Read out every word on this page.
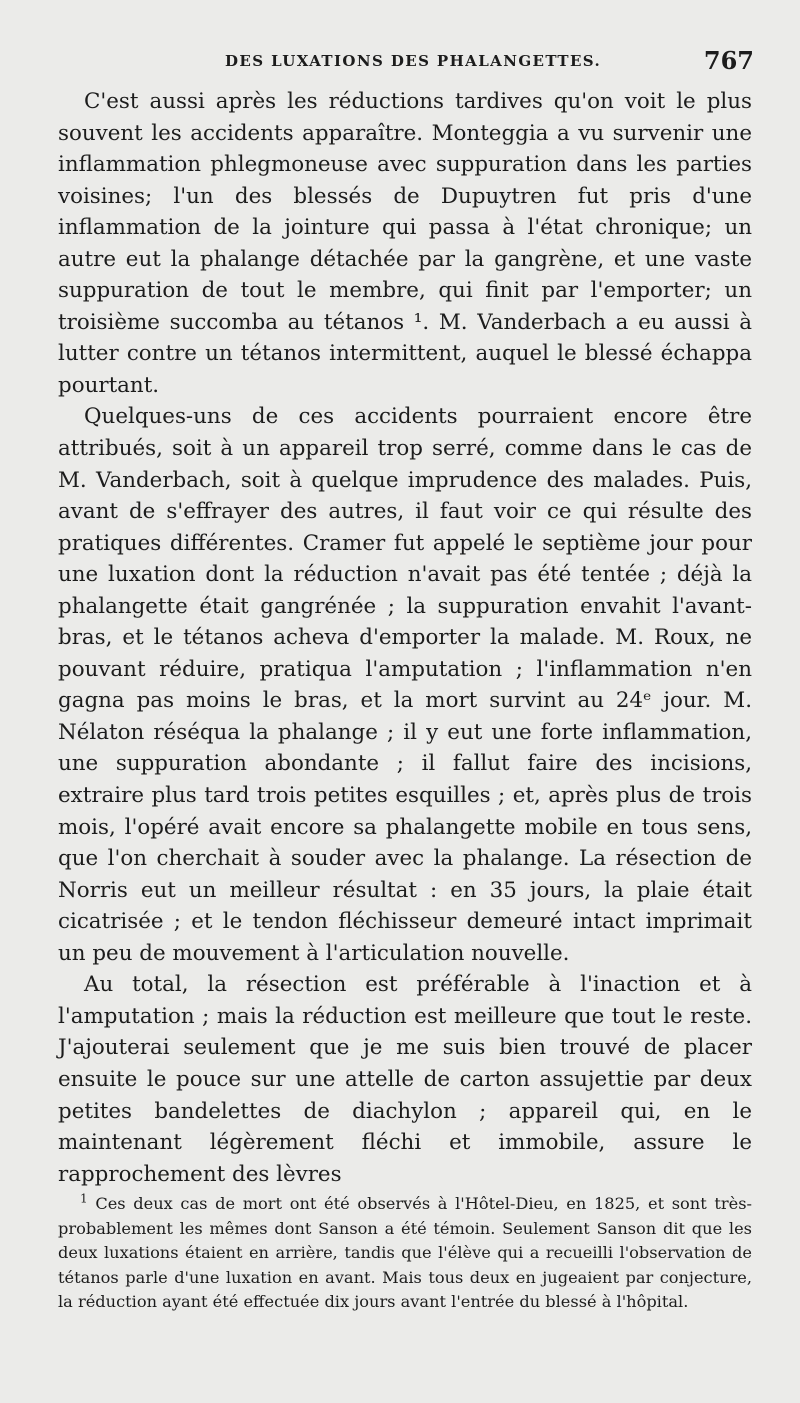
DES LUXATIONS DES PHALANGETTES.	767

C'est aussi après les réductions tardives qu'on voit le plus souvent les accidents apparaître. Monteggia a vu survenir une inflammation phlegmoneuse avec suppuration dans les parties voisines; l'un des blessés de Dupuytren fut pris d'une inflammation de la jointure qui passa à l'état chronique; un autre eut la phalange détachée par la gangrène, et une vaste suppuration de tout le membre, qui finit par l'emporter; un troisième succomba au tétanos ¹. M. Vanderbach a eu aussi à lutter contre un tétanos intermittent, auquel le blessé échappa pourtant.

Quelques-uns de ces accidents pourraient encore être attribués, soit à un appareil trop serré, comme dans le cas de M. Vanderbach, soit à quelque imprudence des malades. Puis, avant de s'effrayer des autres, il faut voir ce qui résulte des pratiques différentes. Cramer fut appelé le septième jour pour une luxation dont la réduction n'avait pas été tentée ; déjà la phalangette était gangrénée ; la suppuration envahit l'avant-bras, et le tétanos acheva d'emporter la malade. M. Roux, ne pouvant réduire, pratiqua l'amputation ; l'inflammation n'en gagna pas moins le bras, et la mort survint au 24ᵉ jour. M. Nélaton réséqua la phalange ; il y eut une forte inflammation, une suppuration abondante ; il fallut faire des incisions, extraire plus tard trois petites esquilles ; et, après plus de trois mois, l'opéré avait encore sa phalangette mobile en tous sens, que l'on cherchait à souder avec la phalange. La résection de Norris eut un meilleur résultat : en 35 jours, la plaie était cicatrisée ; et le tendon fléchisseur demeuré intact imprimait un peu de mouvement à l'articulation nouvelle.

Au total, la résection est préférable à l'inaction et à l'amputation ; mais la réduction est meilleure que tout le reste. J'ajouterai seulement que je me suis bien trouvé de placer ensuite le pouce sur une attelle de carton assujettie par deux petites bandelettes de diachylon ; appareil qui, en le maintenant légèrement fléchi et immobile, assure le rapprochement des lèvres

$^1$ Ces deux cas de mort ont été observés à l'Hôtel-Dieu, en 1825, et sont très-probablement les mêmes dont Sanson a été témoin. Seulement Sanson dit que les deux luxations étaient en arrière, tandis que l'élève qui a recueilli l'observation de tétanos parle d'une luxation en avant. Mais tous deux en jugeaient par conjecture, la réduction ayant été effectuée dix jours avant l'entrée du blessé à l'hôpital.
